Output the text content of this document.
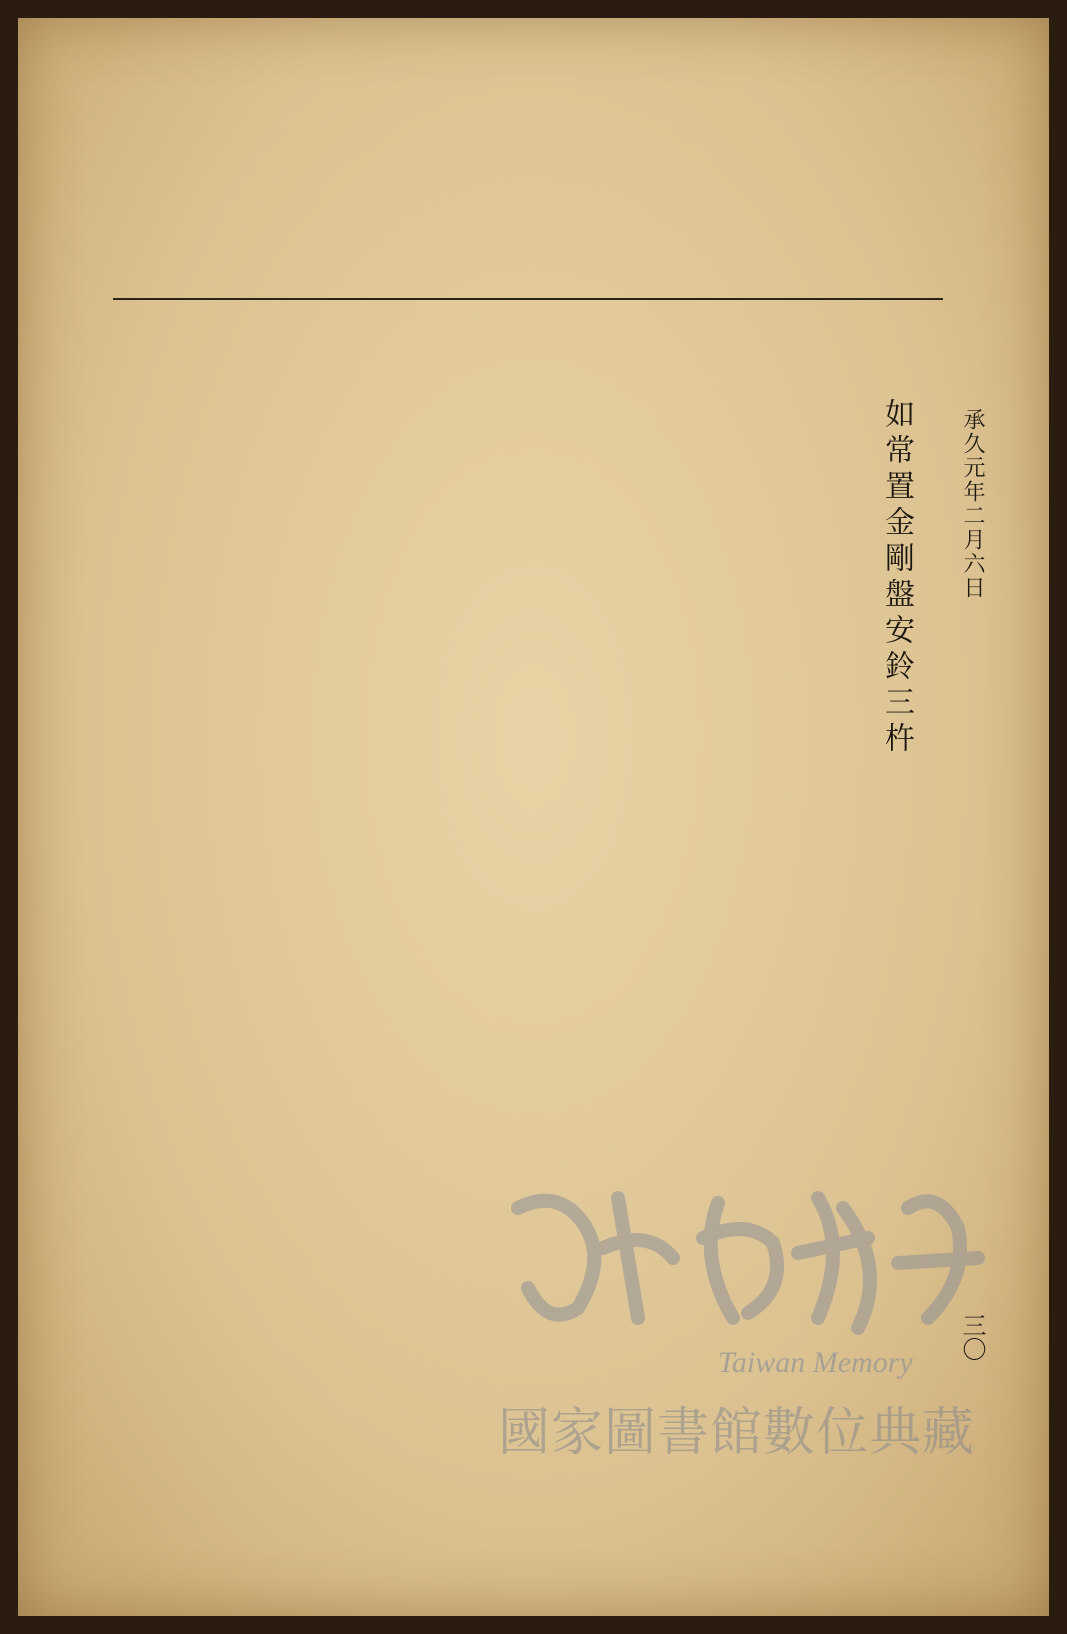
承久元年二月六日
三〇
如常置金剛盤安鈴三杵
Taiwan Memory
國家圖書館數位典藏
